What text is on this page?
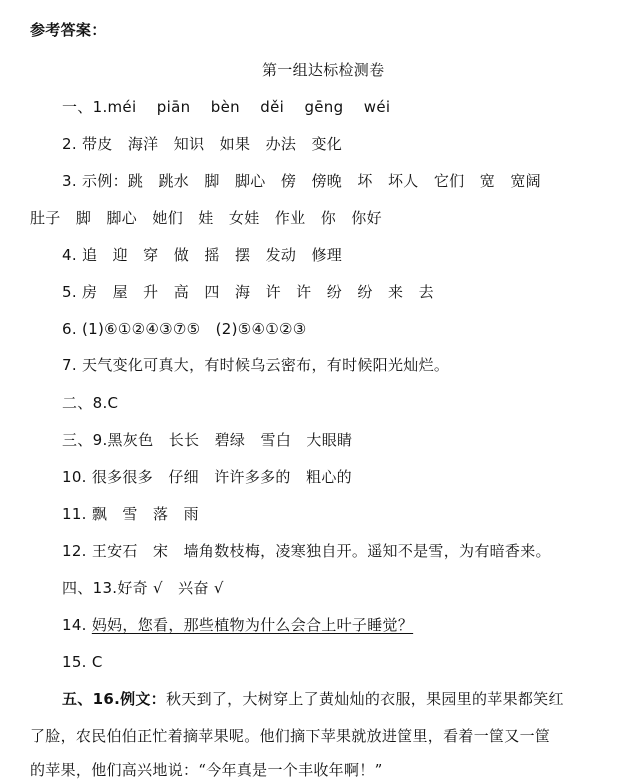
参考答案：
第一组达标检测卷
一、1.méi　 piān　 bèn　 děi　 gēng　 wéi
2. 带皮　海洋　知识　如果　办法　变化
3. 示例：跳　跳水　脚　脚心　傍　傍晚　坏　坏人　它们　宽　宽阔
肚子　脚　脚心　她们　娃　女娃　作业　你　你好
4. 追　迎　穿　做　摇　摆　发动　修理
5. 房　屋　升　高　四　海　许　许　纷　纷　来　去
6. (1)⑥①②④③⑦⑤　(2)⑤④①②③
7. 天气变化可真大，有时候乌云密布，有时候阳光灿烂。
二、8.C
三、9.黑灰色　长长　碧绿　雪白　大眼睛
10. 很多很多　仔细　许许多多的　粗心的
11. 飘　雪　落　雨
12. 王安石　宋　墙角数枝梅，凌寒独自开。遥知不是雪，为有暗香来。
四、13.好奇 √　兴奋 √
14. 妈妈，您看，那些植物为什么会合上叶子睡觉？
15. C
五、16.例文：秋天到了，大树穿上了黄灿灿的衣服，果园里的苹果都笑红
了脸，农民伯伯正忙着摘苹果呢。他们摘下苹果就放进筐里，看着一筐又一筐
的苹果，他们高兴地说：“今年真是一个丰收年啊！”
